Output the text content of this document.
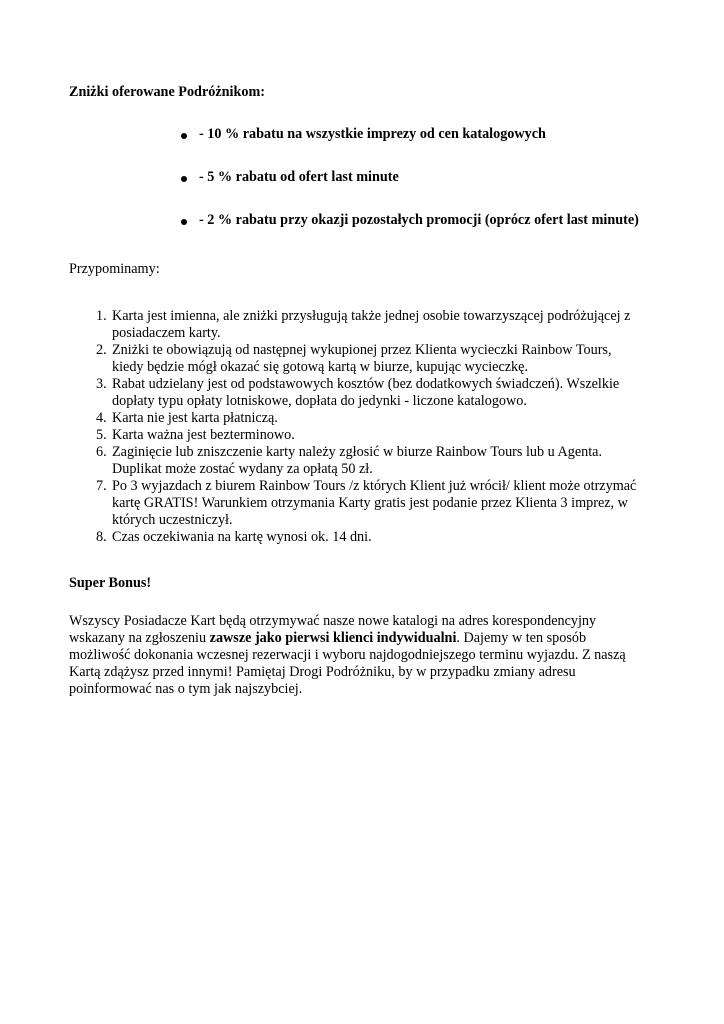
Zniżki oferowane Podróżnikom:
- 10 % rabatu na wszystkie imprezy od cen katalogowych
- 5 % rabatu od ofert last minute
- 2 % rabatu przy okazji pozostałych promocji (oprócz ofert last minute)
Przypominamy:
1. Karta jest imienna, ale zniżki przysługują także jednej osobie towarzyszącej podróżującej z
posiadaczem karty.
2. Zniżki te obowiązują od następnej wykupionej przez Klienta wycieczki Rainbow Tours,
kiedy będzie mógł okazać się gotową kartą w biurze, kupując wycieczkę.
3. Rabat udzielany jest od podstawowych kosztów (bez dodatkowych świadczeń). Wszelkie
dopłaty typu opłaty lotniskowe, dopłata do jedynki - liczone katalogowo.
4. Karta nie jest karta płatniczą.
5. Karta ważna jest bezterminowo.
6. Zaginięcie lub zniszczenie karty należy zgłosić w biurze Rainbow Tours lub u Agenta.
Duplikat może zostać wydany za opłatą 50 zł.
7. Po 3 wyjazdach z biurem Rainbow Tours /z których Klient już wrócił/ klient może otrzymać
kartę GRATIS! Warunkiem otrzymania Karty gratis jest podanie przez Klienta 3 imprez, w
których uczestniczył.
8. Czas oczekiwania na kartę wynosi ok. 14 dni.
Super Bonus!
Wszyscy Posiadacze Kart będą otrzymywać nasze nowe katalogi na adres korespondencyjny wskazany na zgłoszeniu zawsze jako pierwsi klienci indywidualni. Dajemy w ten sposób możliwość dokonania wczesnej rezerwacji i wyboru najdogodniejszego terminu wyjazdu. Z naszą Kartą zdążysz przed innymi! Pamiętaj Drogi Podróżniku, by w przypadku zmiany adresu poinformować nas o tym jak najszybciej.
